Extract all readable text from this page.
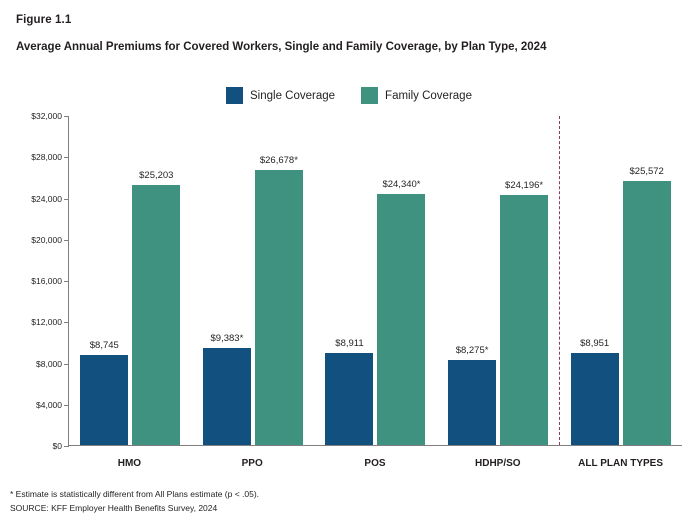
Figure 1.1
Average Annual Premiums for Covered Workers, Single and Family Coverage, by Plan Type, 2024
Single Coverage	Family Coverage
$0
$4,000
$8,000
$12,000
$16,000
$20,000
$24,000
$28,000
$32,000
$8,745
$25,203
$9,383*
$26,678*
$8,911
$24,340*
$8,275*
$24,196*
$8,951
$25,572
HMO	PPO	POS	HDHP/SO	ALL PLAN TYPES
* Estimate is statistically different from All Plans estimate (p < .05).
SOURCE: KFF Employer Health Benefits Survey, 2024
